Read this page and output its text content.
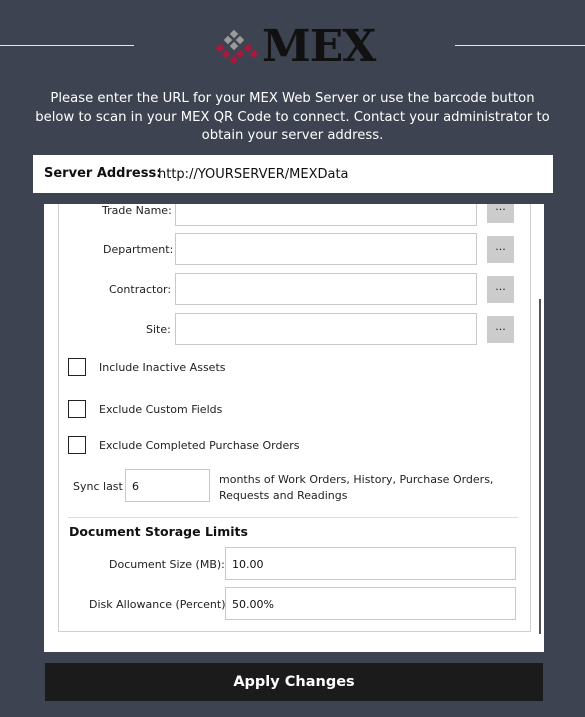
MEX
Please enter the URL for your MEX Web Server or use the barcode button below to scan in your MEX QR Code to connect. Contact your administrator to obtain your server address.
Server Address:
http://YOURSERVER/MEXData
Trade Name:	...
Department:	...
Contractor:	...
Site:	...
Include Inactive Assets
Exclude Custom Fields
Exclude Completed Purchase Orders
Sync last 6
months of Work Orders, History, Purchase Orders, Requests and Readings
Document Storage Limits
Document Size (MB): 10.00
Disk Allowance (Percent) 50.00%
Apply Changes
